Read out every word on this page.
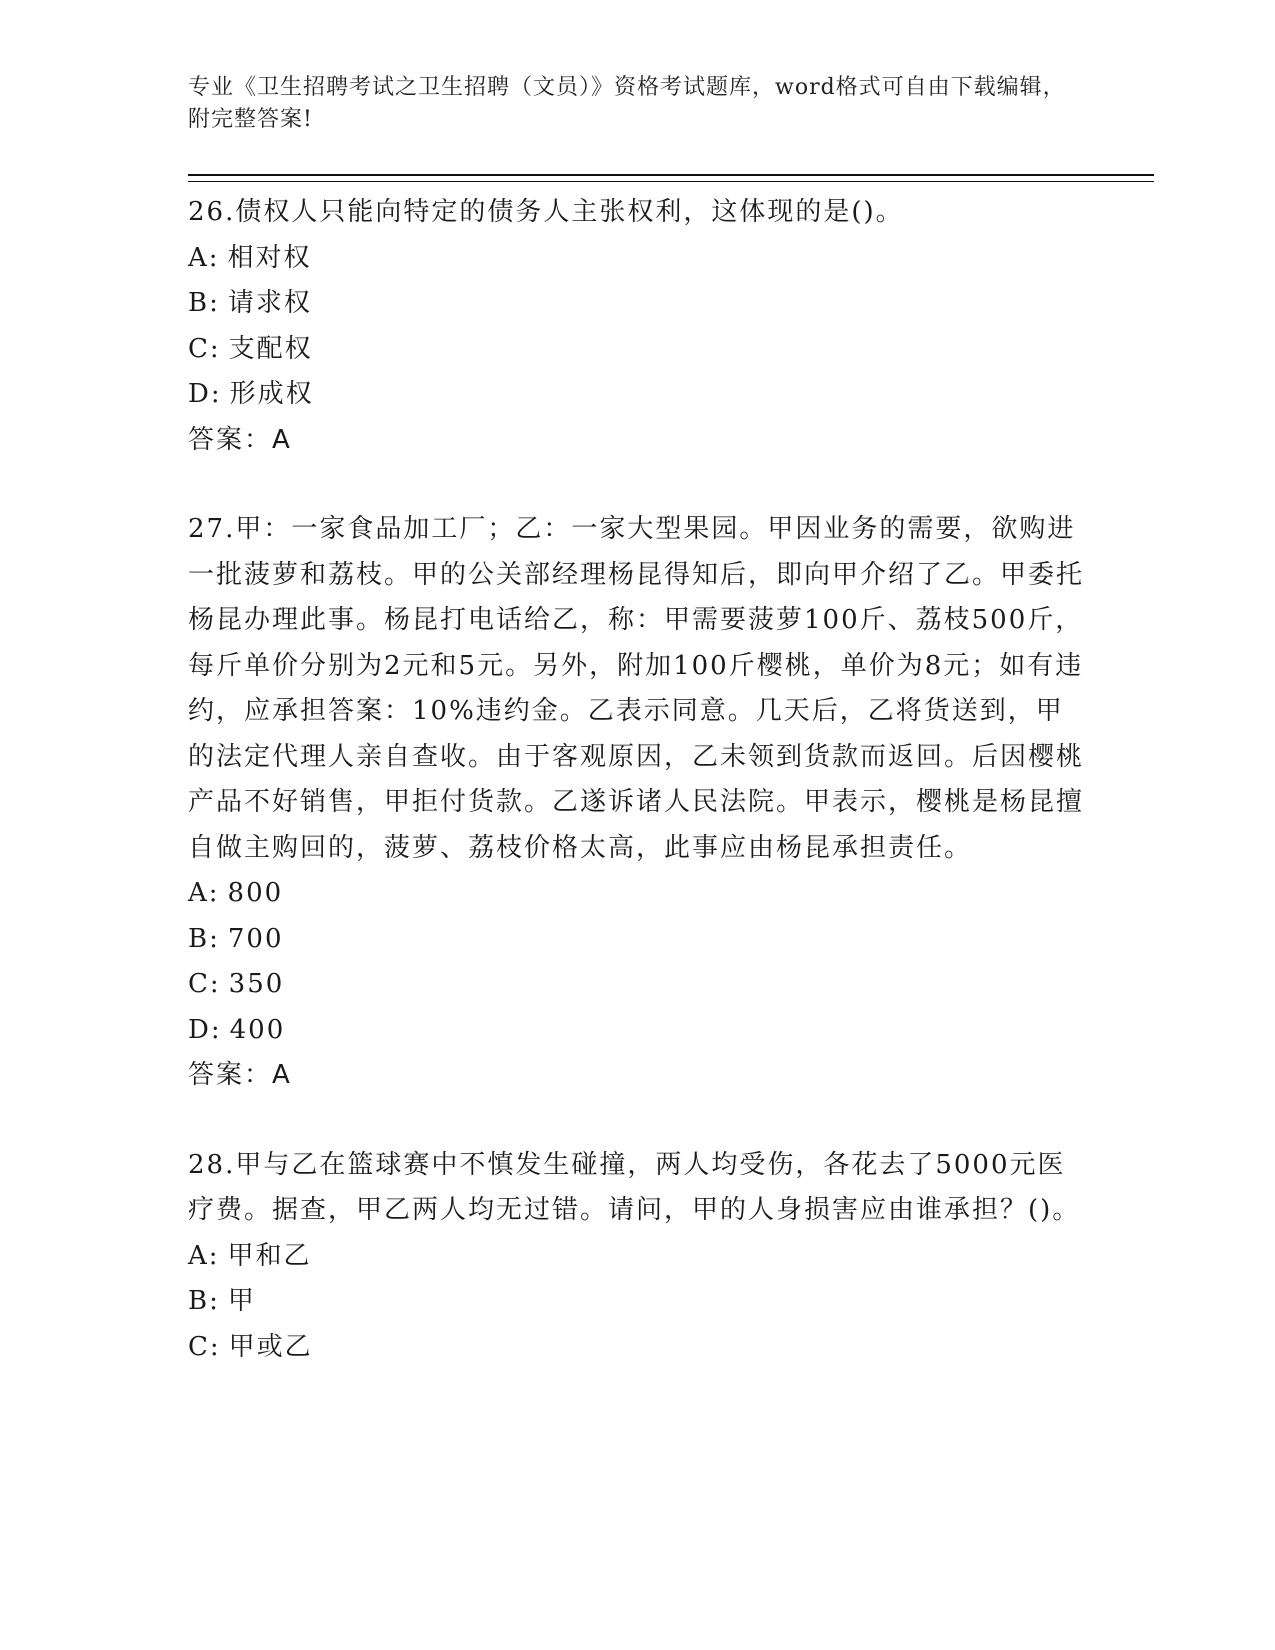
专业《卫生招聘考试之卫生招聘（文员）》资格考试题库，word格式可自由下载编辑，附完整答案!

26.债权人只能向特定的债务人主张权利，这体现的是()。

A: 相对权

B: 请求权

C: 支配权

D: 形成权

答案：A

27.甲：一家食品加工厂；乙：一家大型果园。甲因业务的需要，欲购进一批菠萝和荔枝。甲的公关部经理杨昆得知后，即向甲介绍了乙。甲委托杨昆办理此事。杨昆打电话给乙，称：甲需要菠萝100斤、荔枝500斤，每斤单价分别为2元和5元。另外，附加100斤樱桃，单价为8元；如有违约，应承担答案：10%违约金。乙表示同意。几天后，乙将货送到，甲的法定代理人亲自查收。由于客观原因，乙未领到货款而返回。后因樱桃产品不好销售，甲拒付货款。乙遂诉诸人民法院。甲表示，樱桃是杨昆擅自做主购回的，菠萝、荔枝价格太高，此事应由杨昆承担责任。

A: 800

B: 700

C: 350

D: 400

答案：A

28.甲与乙在篮球赛中不慎发生碰撞，两人均受伤，各花去了5000元医疗费。据查，甲乙两人均无过错。请问，甲的人身损害应由谁承担？()。

A: 甲和乙

B: 甲

C: 甲或乙
